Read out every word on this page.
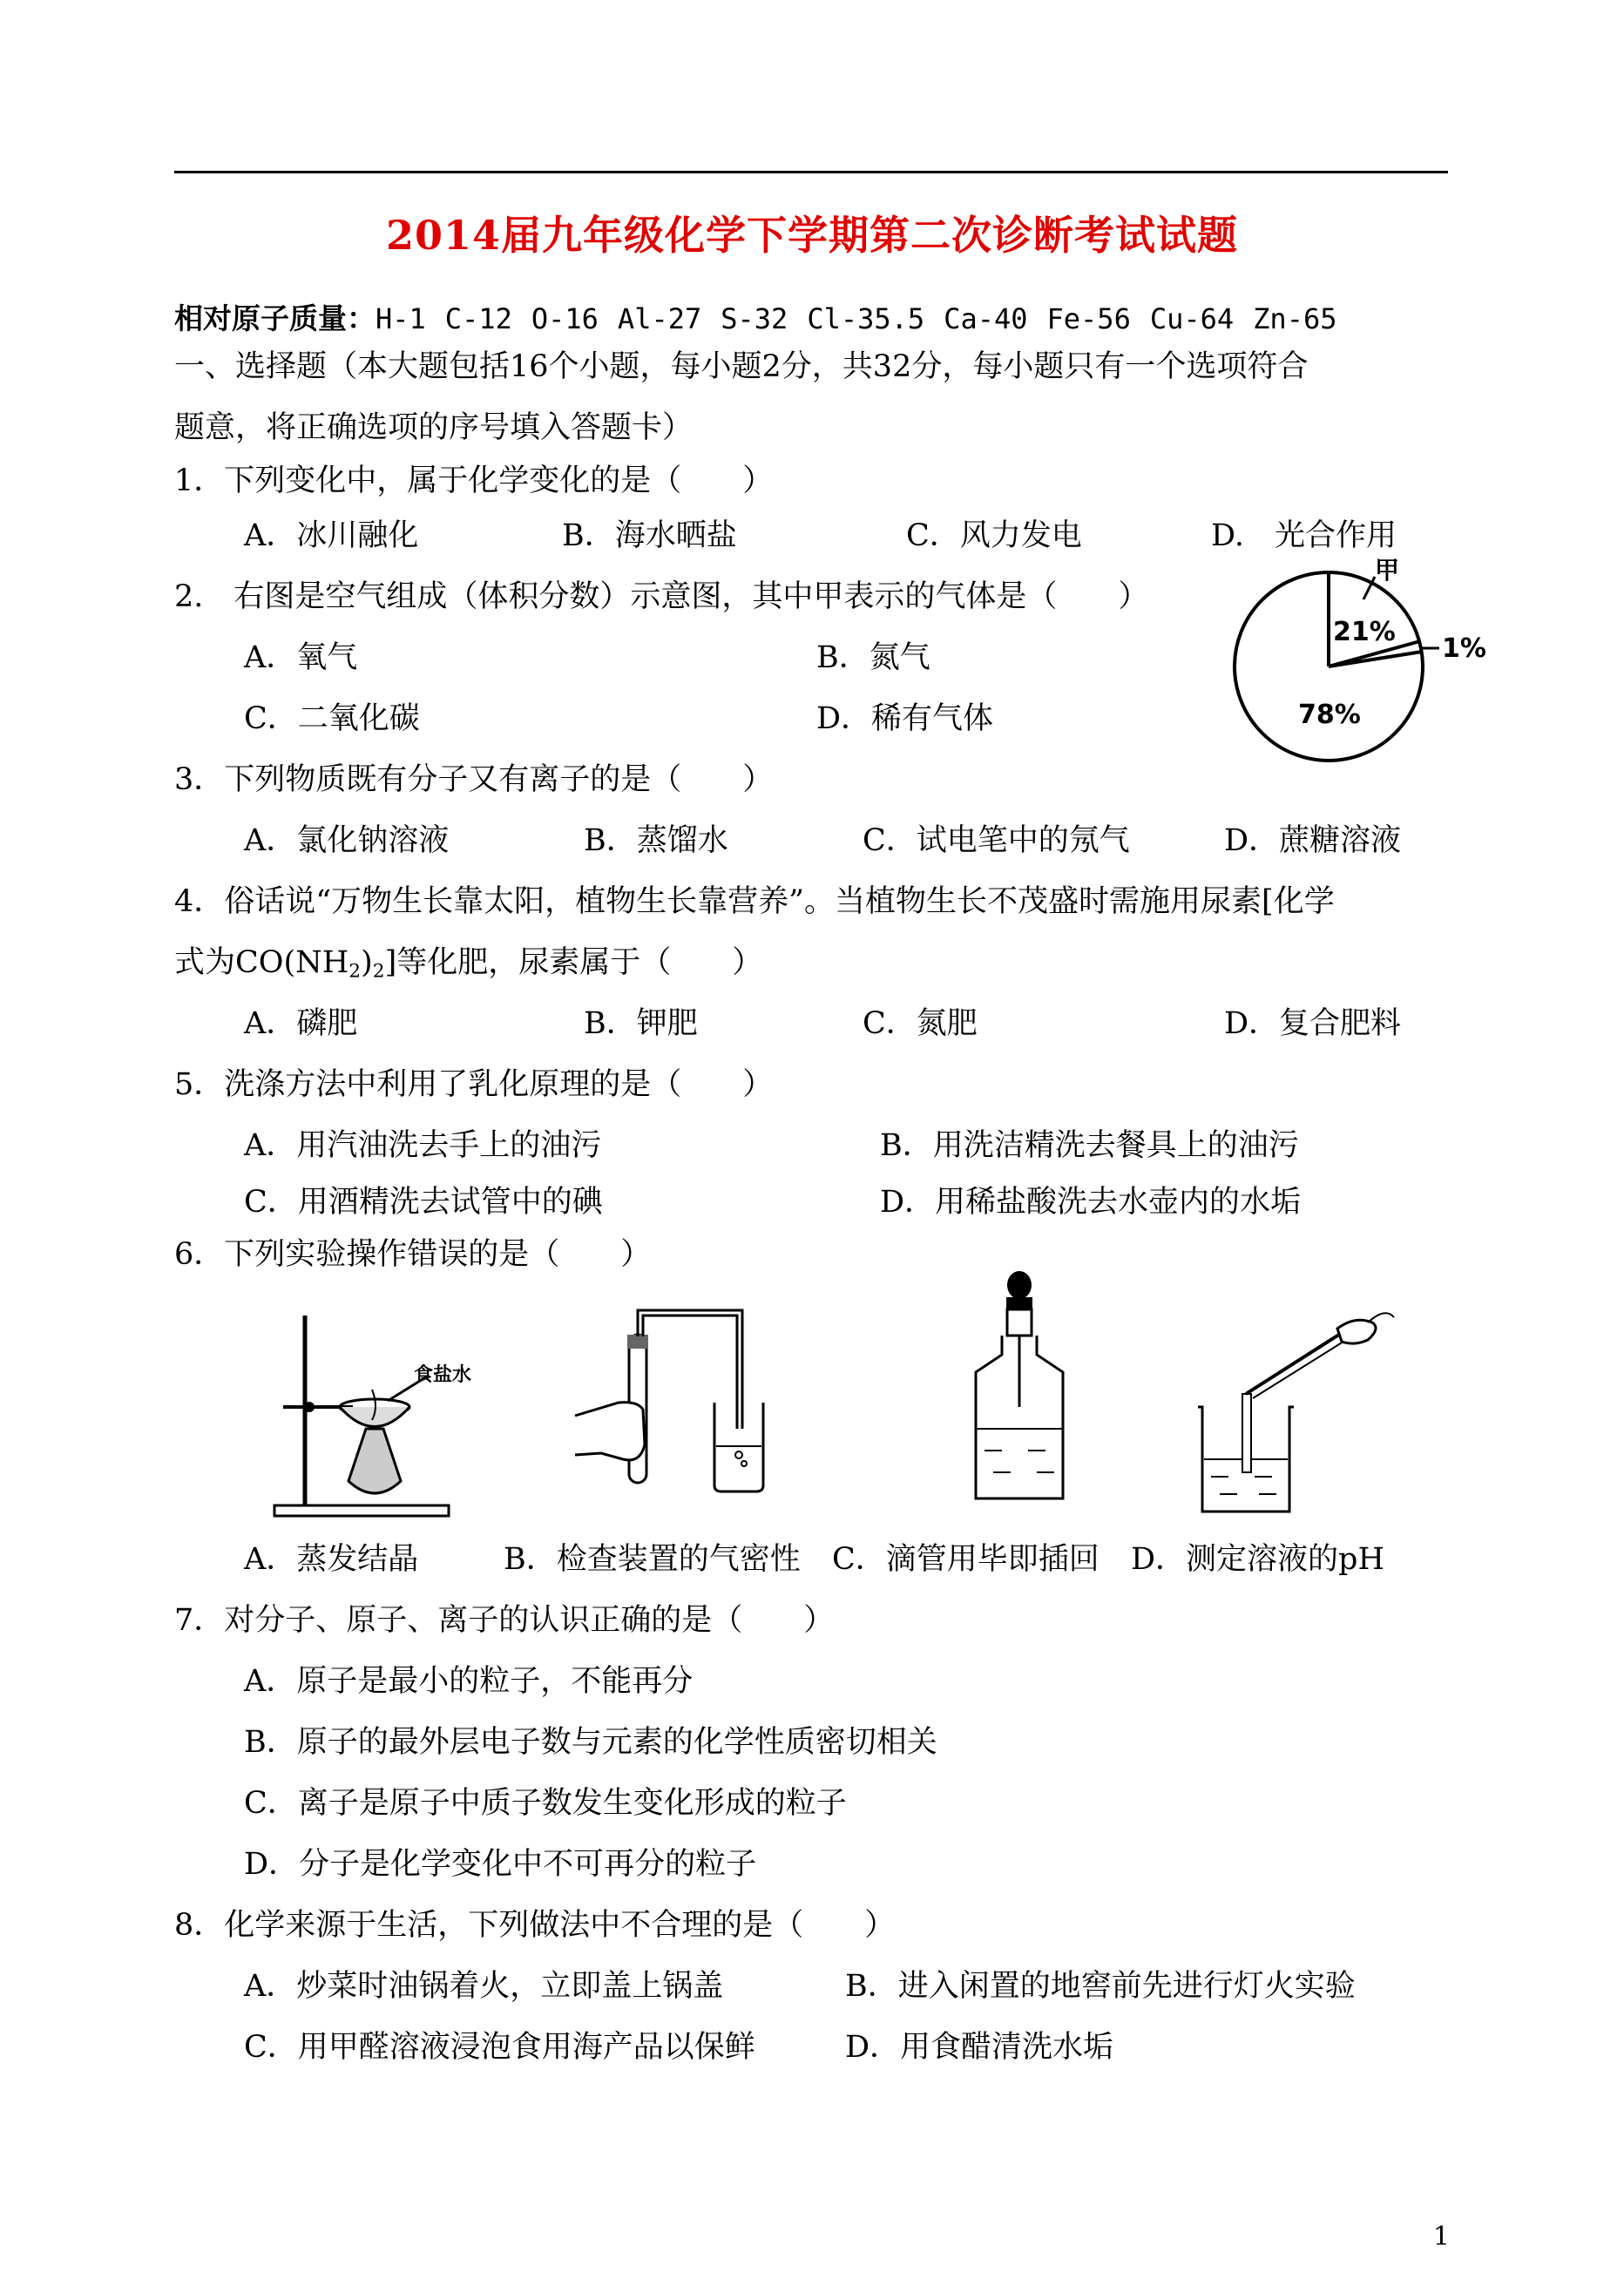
2014届九年级化学下学期第二次诊断考试试题
相对原子质量：H-1 C-12 O-16 Al-27 S-32 Cl-35.5 Ca-40 Fe-56 Cu-64 Zn-65
一、选择题（本大题包括16个小题，每小题2分，共32分，每小题只有一个选项符合
题意，将正确选项的序号填入答题卡）
1．下列变化中，属于化学变化的是（　　）
A．冰川融化	B．海水晒盐	C．风力发电	D.　光合作用
2.　右图是空气组成（体积分数）示意图，其中甲表示的气体是（　　）
A．氧气	B．氮气
C．二氧化碳	D．稀有气体
甲
21%
1%
78%
3．下列物质既有分子又有离子的是（　　）
A．氯化钠溶液	B．蒸馏水	C．试电笔中的氖气	D．蔗糖溶液
4．俗话说“万物生长靠太阳，植物生长靠营养”。当植物生长不茂盛时需施用尿素[化学
式为$CO(NH_2)_2$]等化肥，尿素属于（　　）
A．磷肥	B．钾肥	C．氮肥	D．复合肥料
5．洗涤方法中利用了乳化原理的是（　　）
A．用汽油洗去手上的油污	B．用洗洁精洗去餐具上的油污
C．用酒精洗去试管中的碘	D．用稀盐酸洗去水壶内的水垢
6．下列实验操作错误的是（　　）
食盐水
A．蒸发结晶	B．检查装置的气密性 C．滴管用毕即插回 D．测定溶液的pH
7．对分子、原子、离子的认识正确的是（　　）
A．原子是最小的粒子，不能再分
B．原子的最外层电子数与元素的化学性质密切相关
C．离子是原子中质子数发生变化形成的粒子
D．分子是化学变化中不可再分的粒子
8．化学来源于生活，下列做法中不合理的是（　　）
A．炒菜时油锅着火，立即盖上锅盖	B．进入闲置的地窖前先进行灯火实验
C．用甲醛溶液浸泡食用海产品以保鲜	D．用食醋清洗水垢
1
